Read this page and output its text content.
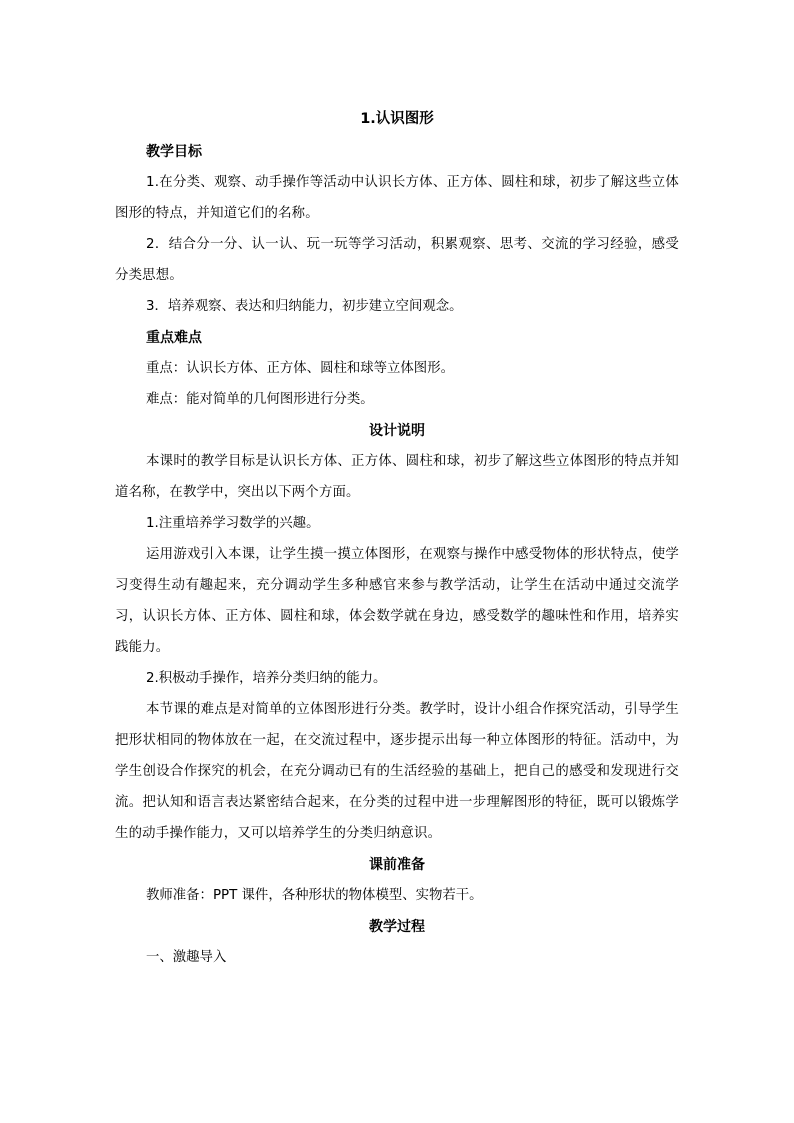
1.认识图形
教学目标
1.在分类、观察、动手操作等活动中认识长方体、正方体、圆柱和球，初步了解这些立体图形的特点，并知道它们的名称。
2．结合分一分、认一认、玩一玩等学习活动，积累观察、思考、交流的学习经验，感受分类思想。
3．培养观察、表达和归纳能力，初步建立空间观念。
重点难点
重点：认识长方体、正方体、圆柱和球等立体图形。
难点：能对简单的几何图形进行分类。
设计说明
本课时的教学目标是认识长方体、正方体、圆柱和球，初步了解这些立体图形的特点并知道名称，在教学中，突出以下两个方面。
1.注重培养学习数学的兴趣。
运用游戏引入本课，让学生摸一摸立体图形，在观察与操作中感受物体的形状特点，使学习变得生动有趣起来，充分调动学生多种感官来参与教学活动，让学生在活动中通过交流学习，认识长方体、正方体、圆柱和球，体会数学就在身边，感受数学的趣味性和作用，培养实践能力。
2.积极动手操作，培养分类归纳的能力。
本节课的难点是对简单的立体图形进行分类。教学时，设计小组合作探究活动，引导学生把形状相同的物体放在一起，在交流过程中，逐步提示出每一种立体图形的特征。活动中，为学生创设合作探究的机会，在充分调动已有的生活经验的基础上，把自己的感受和发现进行交流。把认知和语言表达紧密结合起来，在分类的过程中进一步理解图形的特征，既可以锻炼学生的动手操作能力，又可以培养学生的分类归纳意识。
课前准备
教师准备：PPT 课件，各种形状的物体模型、实物若干。
教学过程
一、激趣导入
